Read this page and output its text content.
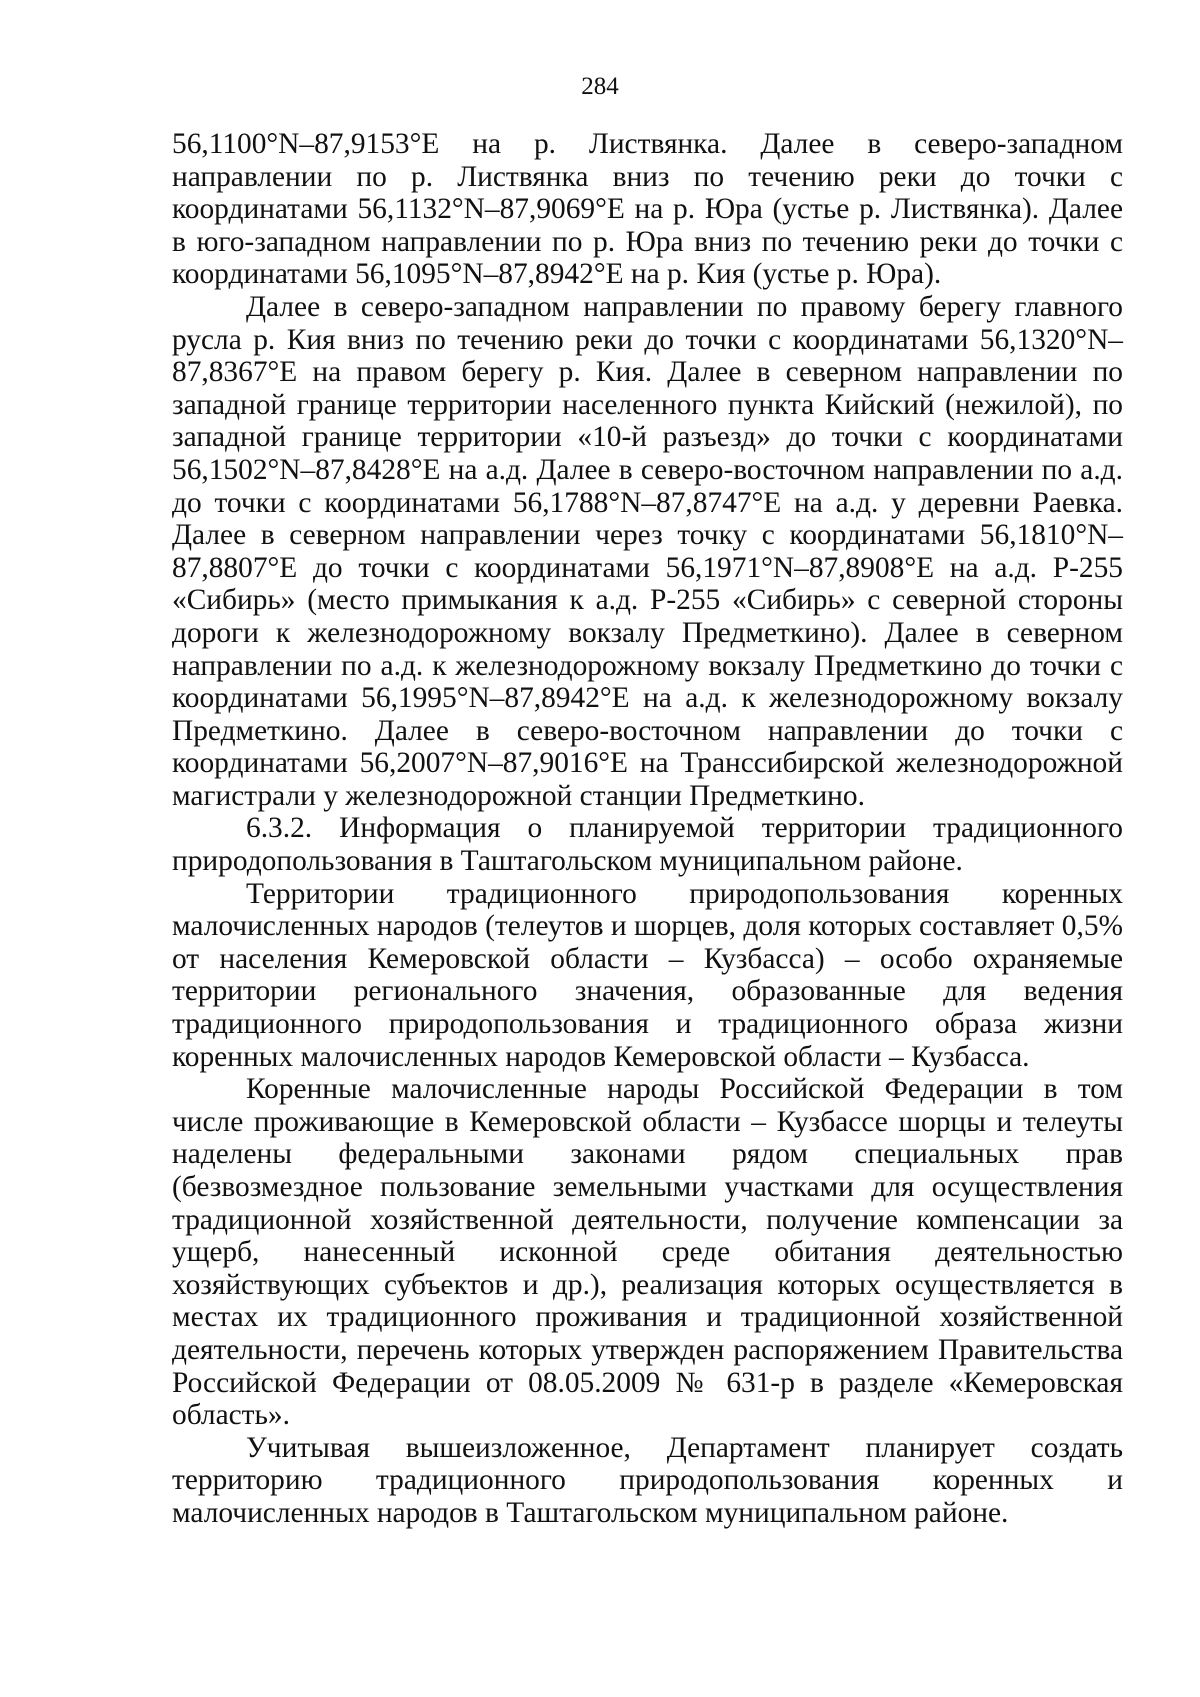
284

56,1100°N–87,9153°E на р. Листвянка. Далее в северо-западном направлении по р. Листвянка вниз по течению реки до точки с координатами 56,1132°N–87,9069°E на р. Юра (устье р. Листвянка). Далее в юго-западном направлении по р. Юра вниз по течению реки до точки с координатами 56,1095°N–87,8942°E на р. Кия (устье р. Юра).

Далее в северо-западном направлении по правому берегу главного русла р. Кия вниз по течению реки до точки с координатами 56,1320°N–87,8367°E на правом берегу р. Кия. Далее в северном направлении по западной границе территории населенного пункта Кийский (нежилой), по западной границе территории «10-й разъезд» до точки с координатами 56,1502°N–87,8428°E на а.д. Далее в северо-восточном направлении по а.д. до точки с координатами 56,1788°N–87,8747°E на а.д. у деревни Раевка. Далее в северном направлении через точку с координатами 56,1810°N–87,8807°E до точки с координатами 56,1971°N–87,8908°E на а.д. Р-255 «Сибирь» (место примыкания к а.д. Р-255 «Сибирь» с северной стороны дороги к железнодорожному вокзалу Предметкино). Далее в северном направлении по а.д. к железнодорожному вокзалу Предметкино до точки с координатами 56,1995°N–87,8942°E на а.д. к железнодорожному вокзалу Предметкино. Далее в северо-восточном направлении до точки с координатами 56,2007°N–87,9016°E на Транссибирской железнодорожной магистрали у железнодорожной станции Предметкино.

6.3.2. Информация о планируемой территории традиционного природопользования в Таштагольском муниципальном районе.

Территории традиционного природопользования коренных малочисленных народов (телеутов и шорцев, доля которых составляет 0,5% от населения Кемеровской области – Кузбасса) – особо охраняемые территории регионального значения, образованные для ведения традиционного природопользования и традиционного образа жизни коренных малочисленных народов Кемеровской области – Кузбасса.

Коренные малочисленные народы Российской Федерации в том числе проживающие в Кемеровской области – Кузбассе шорцы и телеуты наделены федеральными законами рядом специальных прав (безвозмездное пользование земельными участками для осуществления традиционной хозяйственной деятельности, получение компенсации за ущерб, нанесенный исконной среде обитания деятельностью хозяйствующих субъектов и др.), реализация которых осуществляется в местах их традиционного проживания и традиционной хозяйственной деятельности, перечень которых утвержден распоряжением Правительства Российской Федерации от 08.05.2009 № 631-р в разделе «Кемеровская область».

Учитывая вышеизложенное, Департамент планирует создать территорию традиционного природопользования коренных и малочисленных народов в Таштагольском муниципальном районе.
